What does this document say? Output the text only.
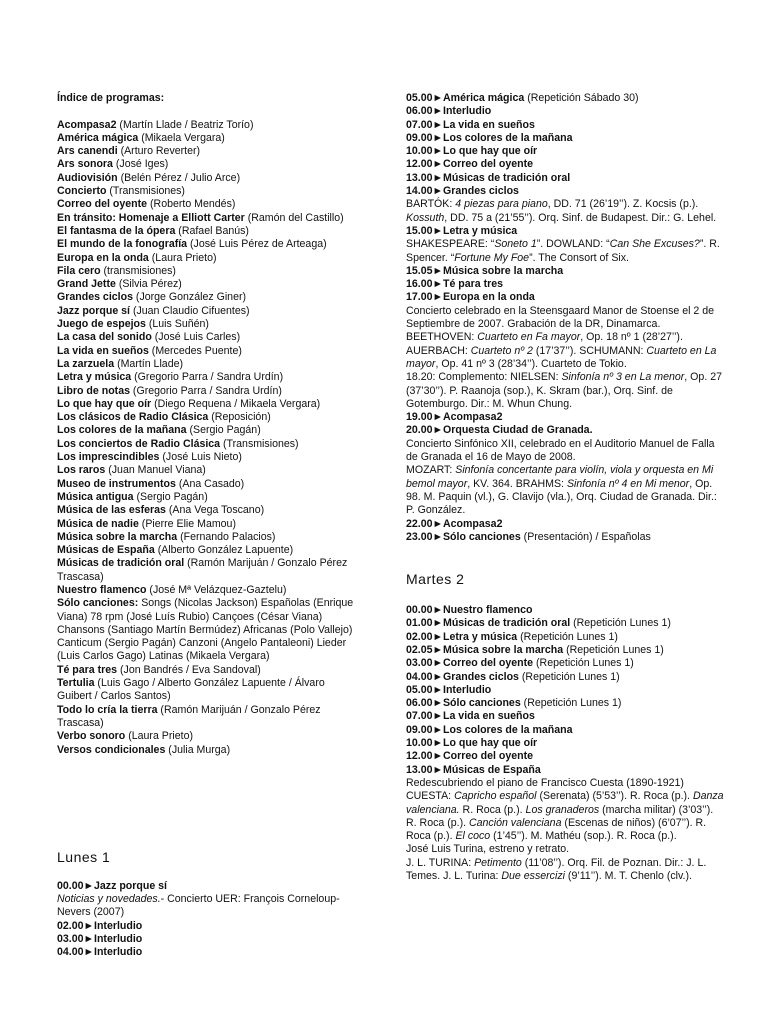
Índice de programas:
Acompasa2 (Martín Llade / Beatriz Torío)
América mágica (Mikaela Vergara)
Ars canendi (Arturo Reverter)
Ars sonora (José Iges)
Audiovisión (Belén Pérez / Julio Arce)
Concierto (Transmisiones)
Correo del oyente (Roberto Mendés)
En tránsito: Homenaje a Elliott Carter (Ramón del Castillo)
El fantasma de la ópera (Rafael Banús)
El mundo de la fonografía (José Luis Pérez de Arteaga)
Europa en la onda (Laura Prieto)
Fila cero (transmisiones)
Grand Jette (Silvia Pérez)
Grandes ciclos (Jorge González Giner)
Jazz porque sí (Juan Claudio Cifuentes)
Juego de espejos (Luis Suñén)
La casa del sonido (José Luis Carles)
La vida en sueños (Mercedes Puente)
La zarzuela (Martín Llade)
Letra y música (Gregorio Parra / Sandra Urdín)
Libro de notas (Gregorio Parra / Sandra Urdín)
Lo que hay que oír (Diego Requena / Mikaela Vergara)
Los clásicos de Radio Clásica (Reposición)
Los colores de la mañana (Sergio Pagán)
Los conciertos de Radio Clásica (Transmisiones)
Los imprescindibles (José Luis Nieto)
Los raros (Juan Manuel Viana)
Museo de instrumentos (Ana Casado)
Música antigua (Sergio Pagán)
Música de las esferas (Ana Vega Toscano)
Música de nadie (Pierre Elie Mamou)
Música sobre la marcha (Fernando Palacios)
Músicas de España (Alberto González Lapuente)
Músicas de tradición oral (Ramón Marijuán / Gonzalo Pérez Trascasa)
Nuestro flamenco (José Mª Velázquez-Gaztelu)
Sólo canciones: Songs (Nicolas Jackson) Españolas (Enrique Viana) 78 rpm (José Luís Rubio) Cançoes (César Viana) Chansons (Santiago Martín Bermúdez) Africanas (Polo Vallejo) Canticum (Sergio Pagán) Canzoni (Angelo Pantaleoni) Lieder (Luis Carlos Gago) Latinas (Mikaela Vergara)
Té para tres (Jon Bandrés / Eva Sandoval)
Tertulia (Luis Gago / Alberto González Lapuente / Álvaro Guibert / Carlos Santos)
Todo lo cría la tierra (Ramón Marijuán / Gonzalo Pérez Trascasa)
Verbo sonoro (Laura Prieto)
Versos condicionales (Julia Murga)
Lunes 1
00.00►Jazz porque sí
Noticias y novedades.- Concierto UER: François Corneloup-Nevers (2007)
02.00►Interludio
03.00►Interludio
04.00►Interludio
05.00►América mágica (Repetición Sábado 30)
06.00►Interludio
07.00►La vida en sueños
09.00►Los colores de la mañana
10.00►Lo que hay que oír
12.00►Correo del oyente
13.00►Músicas de tradición oral
14.00►Grandes ciclos
BARTÓK: 4 piezas para piano, DD. 71 (26’19’’). Z. Kocsis (p.). Kossuth, DD. 75 a (21’55’’). Orq. Sinf. de Budapest. Dir.: G. Lehel.
15.00►Letra y música
SHAKESPEARE: “Soneto 1”. DOWLAND: “Can She Excuses?”. R. Spencer. “Fortune My Foe”. The Consort of Six.
15.05►Música sobre la marcha
16.00►Té para tres
17.00►Europa en la onda
Concierto celebrado en la Steensgaard Manor de Stoense el 2 de Septiembre de 2007. Grabación de la DR, Dinamarca.
BEETHOVEN: Cuarteto en Fa mayor, Op. 18 nº 1 (28’27’’). AUERBACH: Cuarteto nº 2 (17’37’’). SCHUMANN: Cuarteto en La mayor, Op. 41 nº 3 (28’34’’). Cuarteto de Tokio.
18.20: Complemento: NIELSEN: Sinfonía nº 3 en La menor, Op. 27 (37’30’’). P. Raanoja (sop.), K. Skram (bar.), Orq. Sinf. de Gotemburgo. Dir.: M. Whun Chung.
19.00►Acompasa2
20.00►Orquesta Ciudad de Granada.
Concierto Sinfónico XII, celebrado en el Auditorio Manuel de Falla de Granada el 16 de Mayo de 2008.
MOZART: Sinfonía concertante para violín, viola y orquesta en Mi bemol mayor, KV. 364. BRAHMS: Sinfonía nº 4 en Mi menor, Op. 98. M. Paquin (vl.), G. Clavijo (vla.), Orq. Ciudad de Granada. Dir.: P. González.
22.00►Acompasa2
23.00►Sólo canciones (Presentación) / Españolas
Martes 2
00.00►Nuestro flamenco
01.00►Músicas de tradición oral (Repetición Lunes 1)
02.00►Letra y música (Repetición Lunes 1)
02.05►Música sobre la marcha (Repetición Lunes 1)
03.00►Correo del oyente (Repetición Lunes 1)
04.00►Grandes ciclos (Repetición Lunes 1)
05.00►Interludio
06.00►Sólo canciones (Repetición Lunes 1)
07.00►La vida en sueños
09.00►Los colores de la mañana
10.00►Lo que hay que oír
12.00►Correo del oyente
13.00►Músicas de España
Redescubriendo el piano de Francisco Cuesta (1890-1921)
CUESTA: Capricho español (Serenata) (5’53’’). R. Roca (p.). Danza valenciana. R. Roca (p.). Los granaderos (marcha militar) (3’03’’). R. Roca (p.). Canción valenciana (Escenas de niños) (6’07’’). R. Roca (p.). El coco (1’45’’). M. Mathéu (sop.). R. Roca (p.).
José Luis Turina, estreno y retrato.
J. L. TURINA: Petimento (11’08’’). Orq. Fil. de Poznan. Dir.: J. L. Temes. J. L. Turina: Due essercizi (9’11’’). M. T. Chenlo (clv.).
